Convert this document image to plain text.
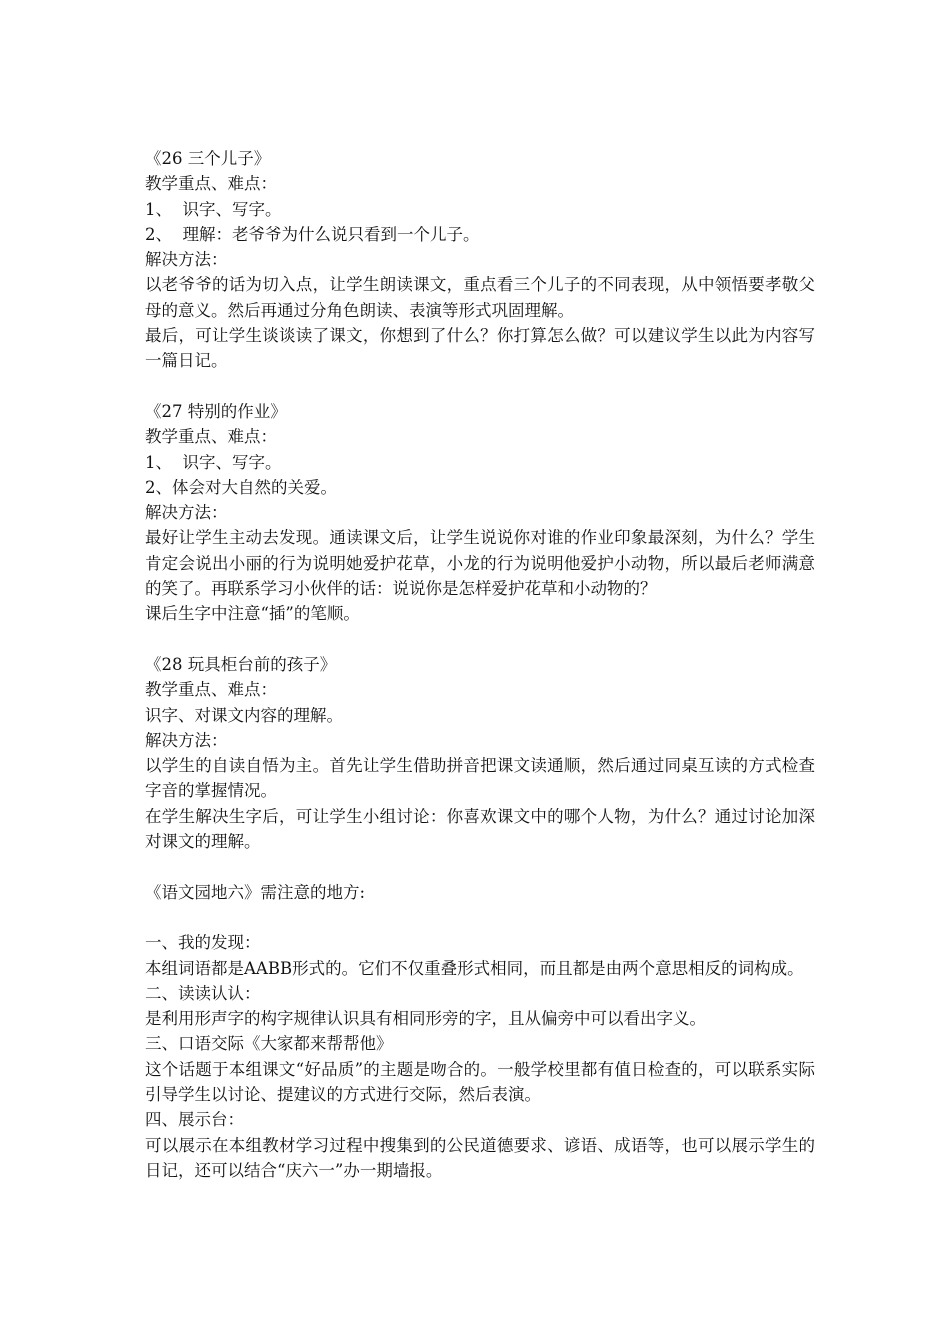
《26 三个儿子》
教学重点、难点：
1、  识字、写字。
2、  理解：老爷爷为什么说只看到一个儿子。
解决方法：
以老爷爷的话为切入点，让学生朗读课文，重点看三个儿子的不同表现，从中领悟要孝敬父母的意义。然后再通过分角色朗读、表演等形式巩固理解。
最后，可让学生谈谈读了课文，你想到了什么？你打算怎么做？可以建议学生以此为内容写一篇日记。
《27 特别的作业》
教学重点、难点：
1、  识字、写字。
2、体会对大自然的关爱。
解决方法：
最好让学生主动去发现。通读课文后，让学生说说你对谁的作业印象最深刻，为什么？学生肯定会说出小丽的行为说明她爱护花草，小龙的行为说明他爱护小动物，所以最后老师满意的笑了。再联系学习小伙伴的话：说说你是怎样爱护花草和小动物的？
课后生字中注意“插”的笔顺。
《28 玩具柜台前的孩子》
教学重点、难点：
识字、对课文内容的理解。
解决方法：
以学生的自读自悟为主。首先让学生借助拼音把课文读通顺，然后通过同桌互读的方式检查字音的掌握情况。
在学生解决生字后，可让学生小组讨论：你喜欢课文中的哪个人物，为什么？通过讨论加深对课文的理解。
《语文园地六》需注意的地方:
一、我的发现：
本组词语都是AABB形式的。它们不仅重叠形式相同，而且都是由两个意思相反的词构成。
二、读读认认：
是利用形声字的构字规律认识具有相同形旁的字，且从偏旁中可以看出字义。
三、口语交际《大家都来帮帮他》
这个话题于本组课文“好品质”的主题是吻合的。一般学校里都有值日检查的，可以联系实际引导学生以讨论、提建议的方式进行交际，然后表演。
四、展示台：
可以展示在本组教材学习过程中搜集到的公民道德要求、谚语、成语等，也可以展示学生的日记，还可以结合“庆六一”办一期墙报。
